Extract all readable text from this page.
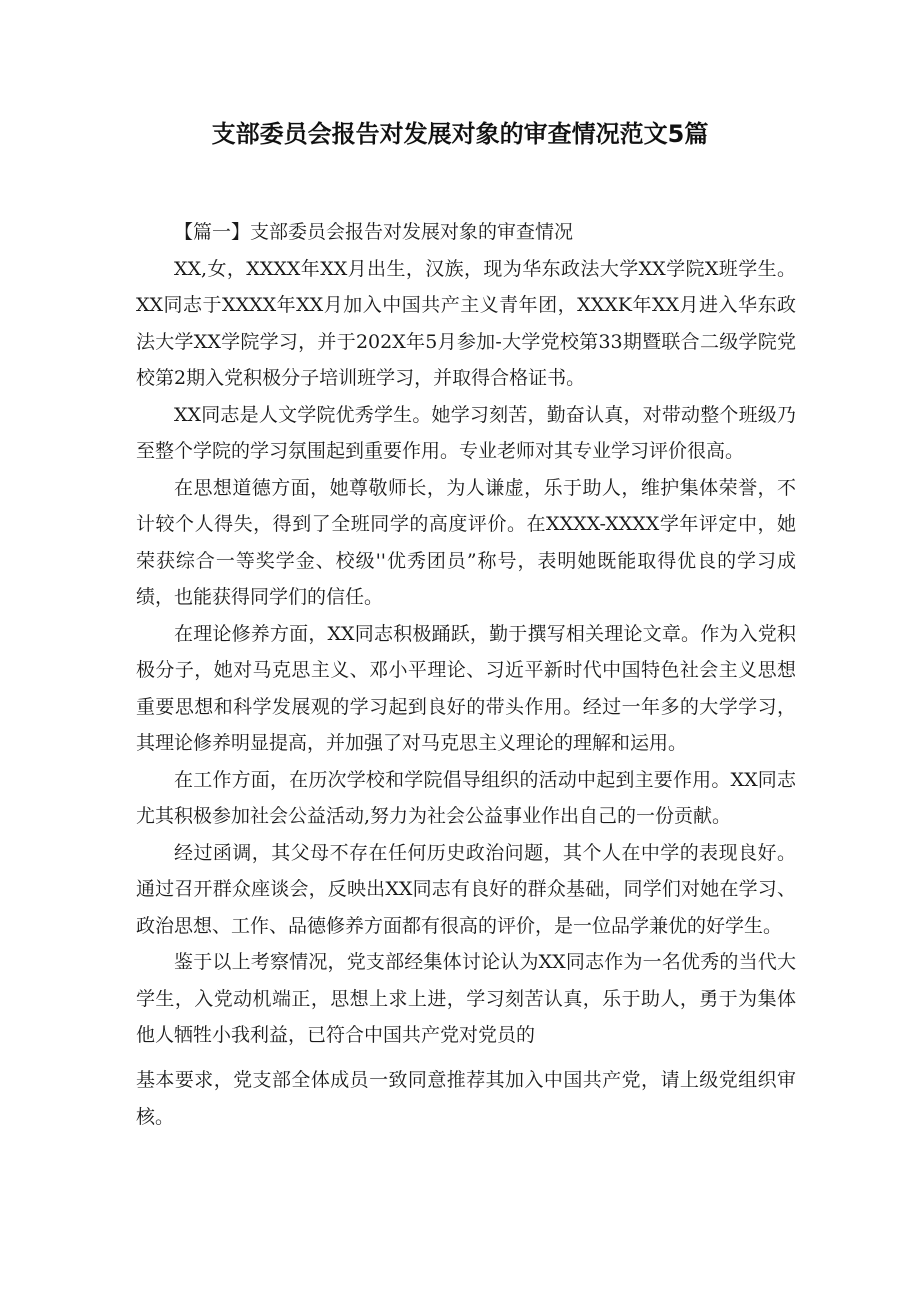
支部委员会报告对发展对象的审查情况范文5篇

【篇一】支部委员会报告对发展对象的审查情况

XX,女，XXXX年XX月出生，汉族，现为华东政法大学XX学院X班学生。XX同志于XXXX年XX月加入中国共产主义青年团，XXXK年XX月进入华东政法大学XX学院学习，并于202X年5月参加-大学党校第33期暨联合二级学院党校第2期入党积极分子培训班学习，并取得合格证书。

XX同志是人文学院优秀学生。她学习刻苦，勤奋认真，对带动整个班级乃至整个学院的学习氛围起到重要作用。专业老师对其专业学习评价很高。

在思想道德方面，她尊敬师长，为人谦虚，乐于助人，维护集体荣誉，不计较个人得失，得到了全班同学的高度评价。在XXXX-XXXX学年评定中，她荣获综合一等奖学金、校级''优秀团员”称号，表明她既能取得优良的学习成绩，也能获得同学们的信任。

在理论修养方面，XX同志积极踊跃，勤于撰写相关理论文章。作为入党积极分子，她对马克思主义、邓小平理论、习近平新时代中国特色社会主义思想重要思想和科学发展观的学习起到良好的带头作用。经过一年多的大学学习，其理论修养明显提高，并加强了对马克思主义理论的理解和运用。

在工作方面，在历次学校和学院倡导组织的活动中起到主要作用。XX同志尤其积极参加社会公益活动,努力为社会公益事业作出自己的一份贡献。

经过函调，其父母不存在任何历史政治问题，其个人在中学的表现良好。通过召开群众座谈会，反映出XX同志有良好的群众基础，同学们对她在学习、政治思想、工作、品德修养方面都有很高的评价，是一位品学兼优的好学生。

鉴于以上考察情况，党支部经集体讨论认为XX同志作为一名优秀的当代大学生，入党动机端正，思想上求上进，学习刻苦认真，乐于助人，勇于为集体他人牺牲小我利益，已符合中国共产党对党员的

基本要求，党支部全体成员一致同意推荐其加入中国共产党，请上级党组织审核。
